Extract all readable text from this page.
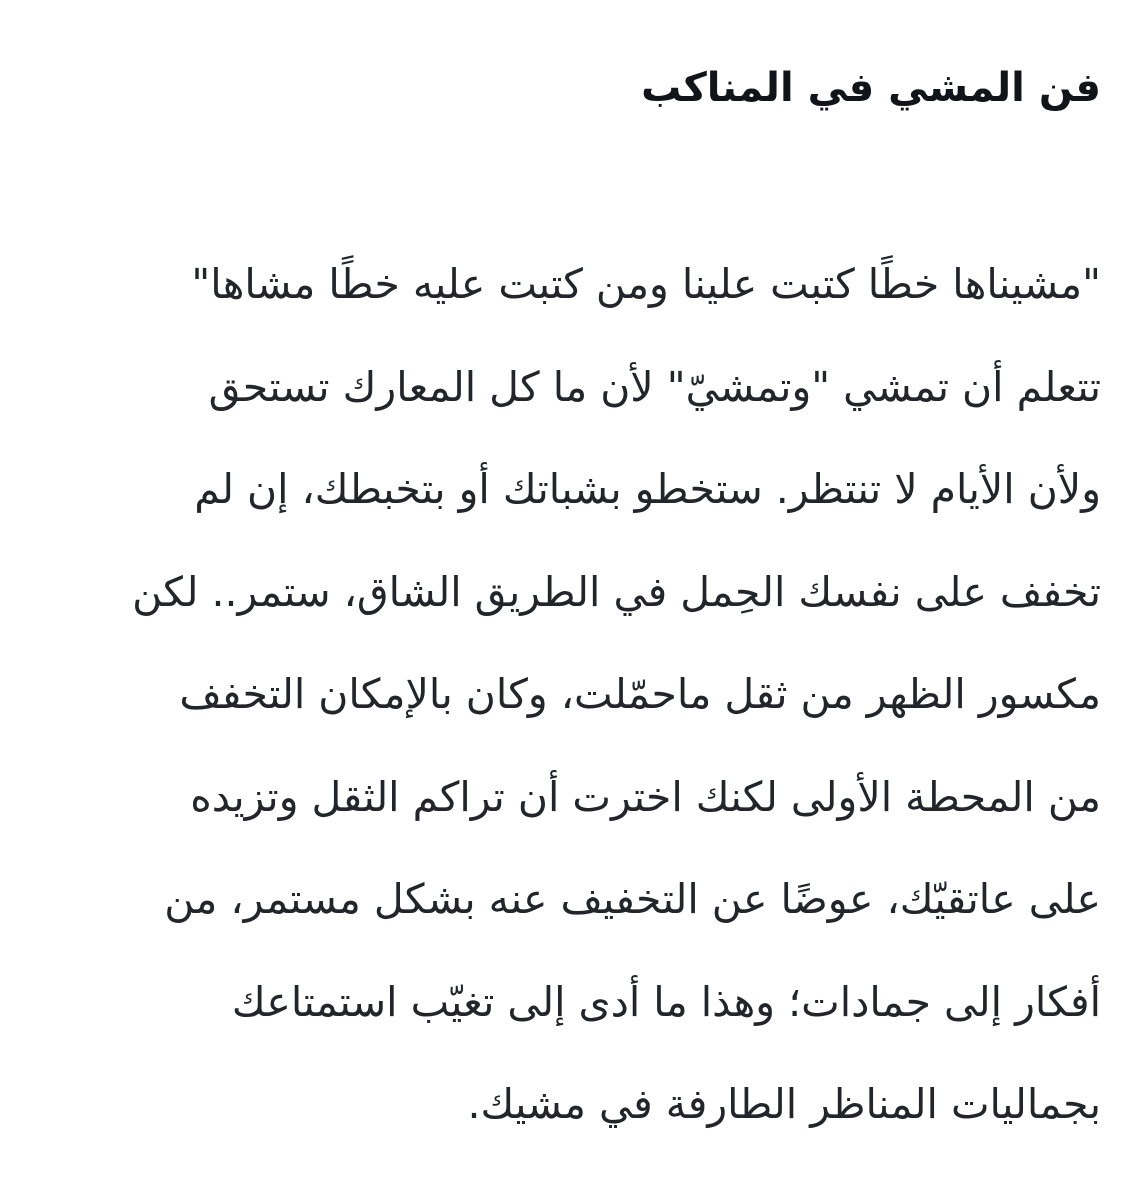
فن المشي في المناكب
"مشيناها خطًا كتبت علينا ومن كتبت عليه خطًا مشاها"
تتعلم أن تمشي "وتمشيّ" لأن ما كل المعارك تستحق
ولأن الأيام لا تنتظر. ستخطو بشباتك أو بتخبطك، إن لم
تخفف على نفسك الحِمل في الطريق الشاق، ستمر.. لكن
مكسور الظهر من ثقل ماحمّلت، وكان بالإمكان التخفف
من المحطة الأولى لكنك اخترت أن تراكم الثقل وتزيده
على عاتقيّك، عوضًا عن التخفيف عنه بشكل مستمر، من
أفكار إلى جمادات؛ وهذا ما أدى إلى تغيّب استمتاعك
بجماليات المناظر الطارفة في مشيك.
